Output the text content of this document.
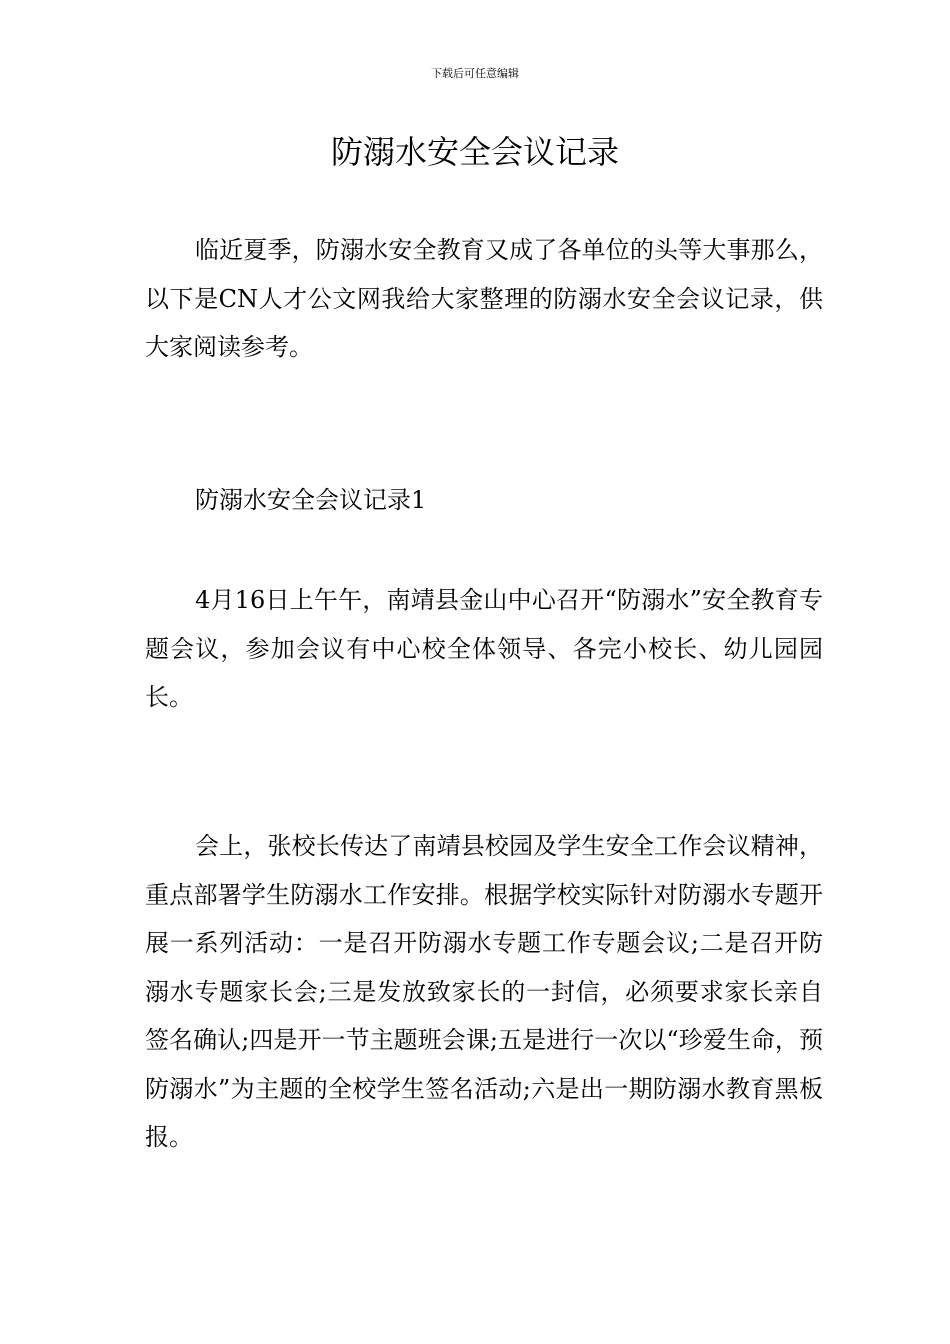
下载后可任意编辑
防溺水安全会议记录

临近夏季，防溺水安全教育又成了各单位的头等大事那么，以下是CN人才公文网我给大家整理的防溺水安全会议记录，供大家阅读参考。

防溺水安全会议记录1

4月16日上午午，南靖县金山中心召开“防溺水”安全教育专题会议，参加会议有中心校全体领导、各完小校长、幼儿园园长。

会上，张校长传达了南靖县校园及学生安全工作会议精神，重点部署学生防溺水工作安排。根据学校实际针对防溺水专题开展一系列活动：一是召开防溺水专题工作专题会议;二是召开防溺水专题家长会;三是发放致家长的一封信，必须要求家长亲自签名确认;四是开一节主题班会课;五是进行一次以“珍爱生命，预防溺水”为主题的全校学生签名活动;六是出一期防溺水教育黑板报。
